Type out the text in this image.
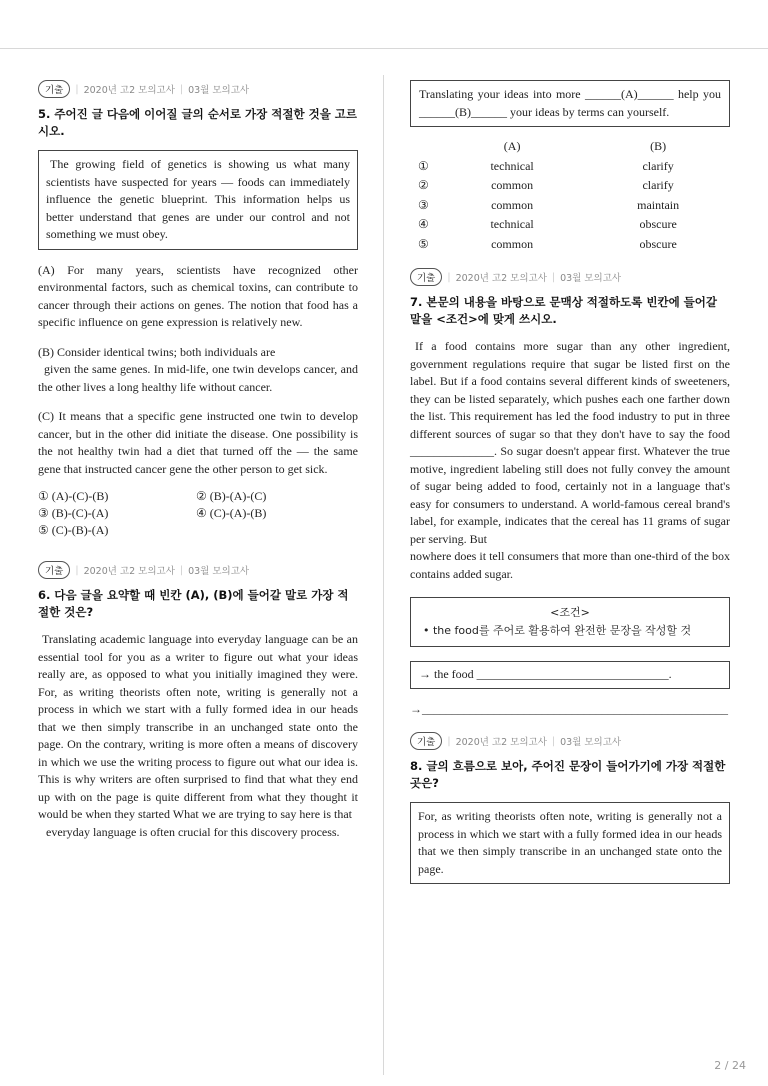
기출	| 2020년 고2 모의고사 | 03월 모의고사

5. 주어진 글 다음에 이어질 글의 순서로 가장 적절한 것을 고르시오.

The growing field of genetics is showing us what many scientists have suspected for years — foods can immediately influence the genetic blueprint. This information helps us better understand that genes are under our control and not something we must obey.

(A) For many years, scientists have recognized other environmental factors, such as chemical toxins, can contribute to cancer through their actions on genes. The notion that food has a specific influence on gene expression is relatively new.

(B) Consider identical twins; both individuals are

given the same genes. In mid-life, one twin develops cancer, and the other lives a long healthy life without cancer.

(C) It means that a specific gene instructed one twin to develop cancer, but in the other did initiate the disease. One possibility is the not healthy twin had a diet that turned off the — the same gene that instructed cancer gene the other person to get sick.

① (A)-(C)-(B)	② (B)-(A)-(C)
③ (B)-(C)-(A)	④ (C)-(A)-(B)
⑤ (C)-(B)-(A)
기출	| 2020년 고2 모의고사 | 03월 모의고사

6. 다음 글을 요약할 때 빈칸 (A), (B)에 들어갈 말로 가장 적절한 것은?

Translating academic language into everyday language can be an essential tool for you as a writer to figure out what your ideas really are, as opposed to what you initially imagined they were. For, as writing theorists often note, writing is generally not a process in which we start with a fully formed idea in our heads that we then simply transcribe in an unchanged state onto the page. On the contrary, writing is more often a means of discovery in which we use the writing process to figure out what our idea is. This is why writers are often surprised to find that what they end up with on the page is quite different from what they thought it would be when they started What we are trying to say here is that

everyday language is often crucial for this discovery process.

Translating your ideas into more ______(A)______ help you ______(B)______ your ideas by terms can yourself.
	(A)	(B)
①	technical	clarify
②	common	clarify
③	common	maintain
④	technical	obscure
⑤	common	obscure
기출	| 2020년 고2 모의고사 | 03월 모의고사

7. 본문의 내용을 바탕으로 문맥상 적절하도록 빈칸에 들어갈 말을 <조건>에 맞게 쓰시오.

If a food contains more sugar than any other ingredient, government regulations require that sugar be listed first on the label. But if a food contains several different kinds of sweeteners, they can be listed separately, which pushes each one farther down the list. This requirement has led the food industry to put in three different sources of sugar so that they don't have to say the food ______________. So sugar doesn't appear first. Whatever the true motive, ingredient labeling still does not fully convey the amount of sugar being added to food, certainly not in a language that's easy for consumers to understand. A world-famous cereal brand's label, for example, indicates that the cereal has 11 grams of sugar per serving. But

nowhere does it tell consumers that more than one-third of the box contains added sugar.

<조건>
• the food를 주어로 활용하여 완전한 문장을 작성할 것
→ the food ________________________________.
→___________________________________________________
기출	| 2020년 고2 모의고사 | 03월 모의고사

8. 글의 흐름으로 보아, 주어진 문장이 들어가기에 가장 적절한 곳은?

For, as writing theorists often note, writing is generally not a process in which we start with a fully formed idea in our heads that we then simply transcribe in an unchanged state onto the page.
2 / 24
